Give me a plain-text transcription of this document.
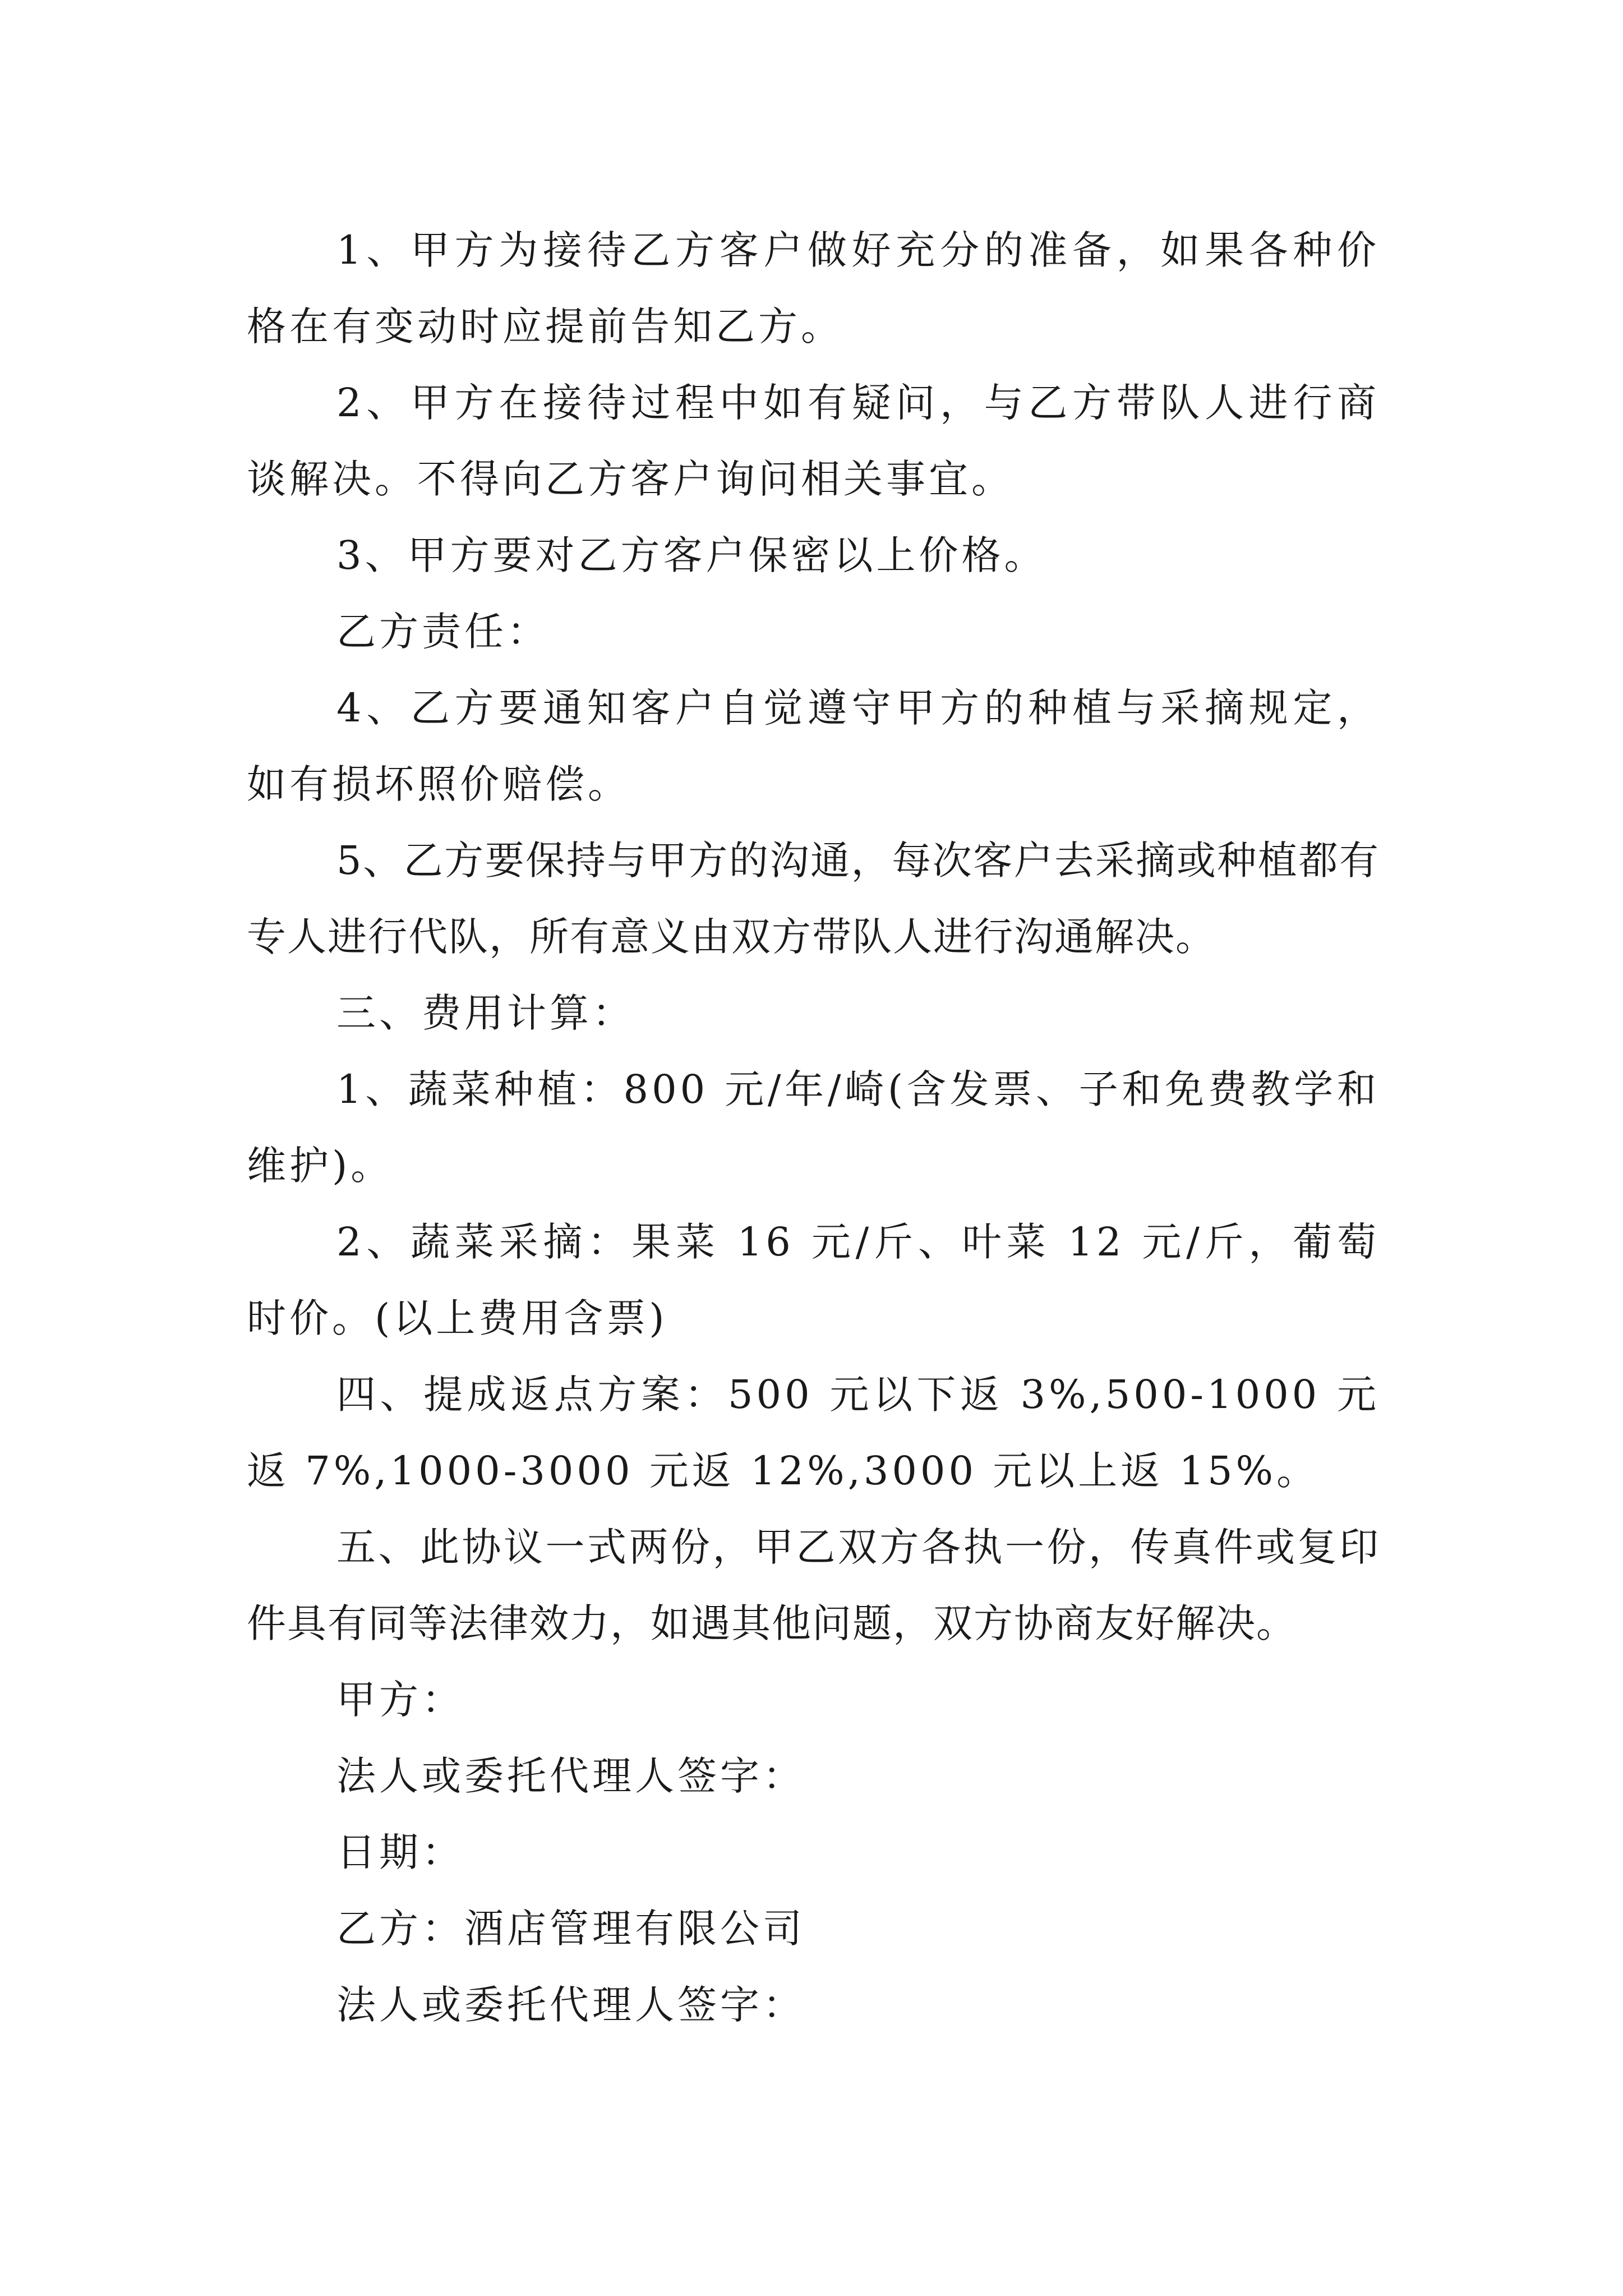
1、甲方为接待乙方客户做好充分的准备，如果各种价格在有变动时应提前告知乙方。

2、甲方在接待过程中如有疑问，与乙方带队人进行商谈解决。不得向乙方客户询问相关事宜。

3、甲方要对乙方客户保密以上价格。

乙方责任：

4、乙方要通知客户自觉遵守甲方的种植与采摘规定，如有损坏照价赔偿。

5、乙方要保持与甲方的沟通，每次客户去采摘或种植都有专人进行代队，所有意义由双方带队人进行沟通解决。

三、费用计算：

1、蔬菜种植：800 元/年/崎(含发票、子和免费教学和维护)。

2、蔬菜采摘：果菜 16 元/斤、叶菜 12 元/斤，葡萄时价。(以上费用含票)

四、提成返点方案：500 元以下返 3%,500-1000 元返 7%,1000-3000 元返 12%,3000 元以上返 15%。

五、此协议一式两份，甲乙双方各执一份，传真件或复印件具有同等法律效力，如遇其他问题，双方协商友好解决。

甲方：

法人或委托代理人签字：

日期：

乙方：酒店管理有限公司

法人或委托代理人签字：
